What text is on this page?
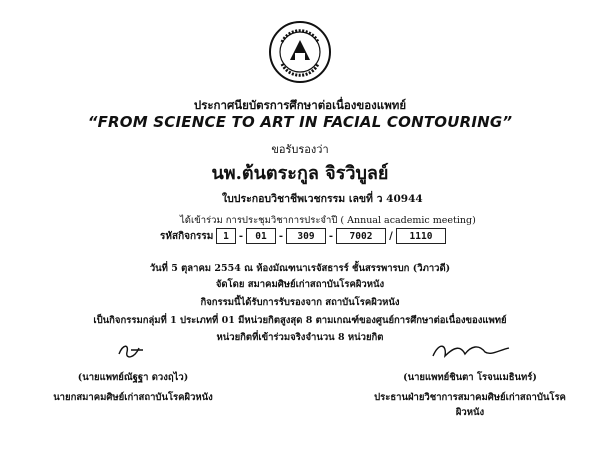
ประกาศนียบัตรการศึกษาต่อเนื่องของแพทย์
“FROM SCIENCE TO ART IN FACIAL CONTOURING”
ขอรับรองว่า
นพ.ต้นตระกูล จิรวิบูลย์
ใบประกอบวิชาชีพเวชกรรม เลขที่ ว 40944
ได้เข้าร่วม การประชุมวิชาการประจำปี ( Annual academic meeting)
รหัสกิจกรรม	1	-	01	-	309	-	7002	/	1110
วันที่ 5 ตุลาคม 2554 ณ ห้องมัณฑนาเรจัสธารร์ ชั้นสรรพารบก (วิภาวดี)
จัดโดย สมาคมศิษย์เก่าสถาบันโรคผิวหนัง
กิจกรรมนี้ได้รับการรับรองจาก สถาบันโรคผิวหนัง
เป็นกิจกรรมกลุ่มที่ 1 ประเภทที่ 01 มีหน่วยกิตสูงสุด 8 ตามเกณฑ์ของศูนย์การศึกษาต่อเนื่องของแพทย์
หน่วยกิตที่เข้าร่วมจริงจำนวน 8 หน่วยกิต
(นายแพทย์ณัฐฐา ดวงฤไว)
นายกสมาคมศิษย์เก่าสถาบันโรคผิวหนัง
(นายแพทย์ชินตา โรจนเมธินทร์)
ประธานฝ่ายวิชาการสมาคมศิษย์เก่าสถาบันโรคผิวหนัง
